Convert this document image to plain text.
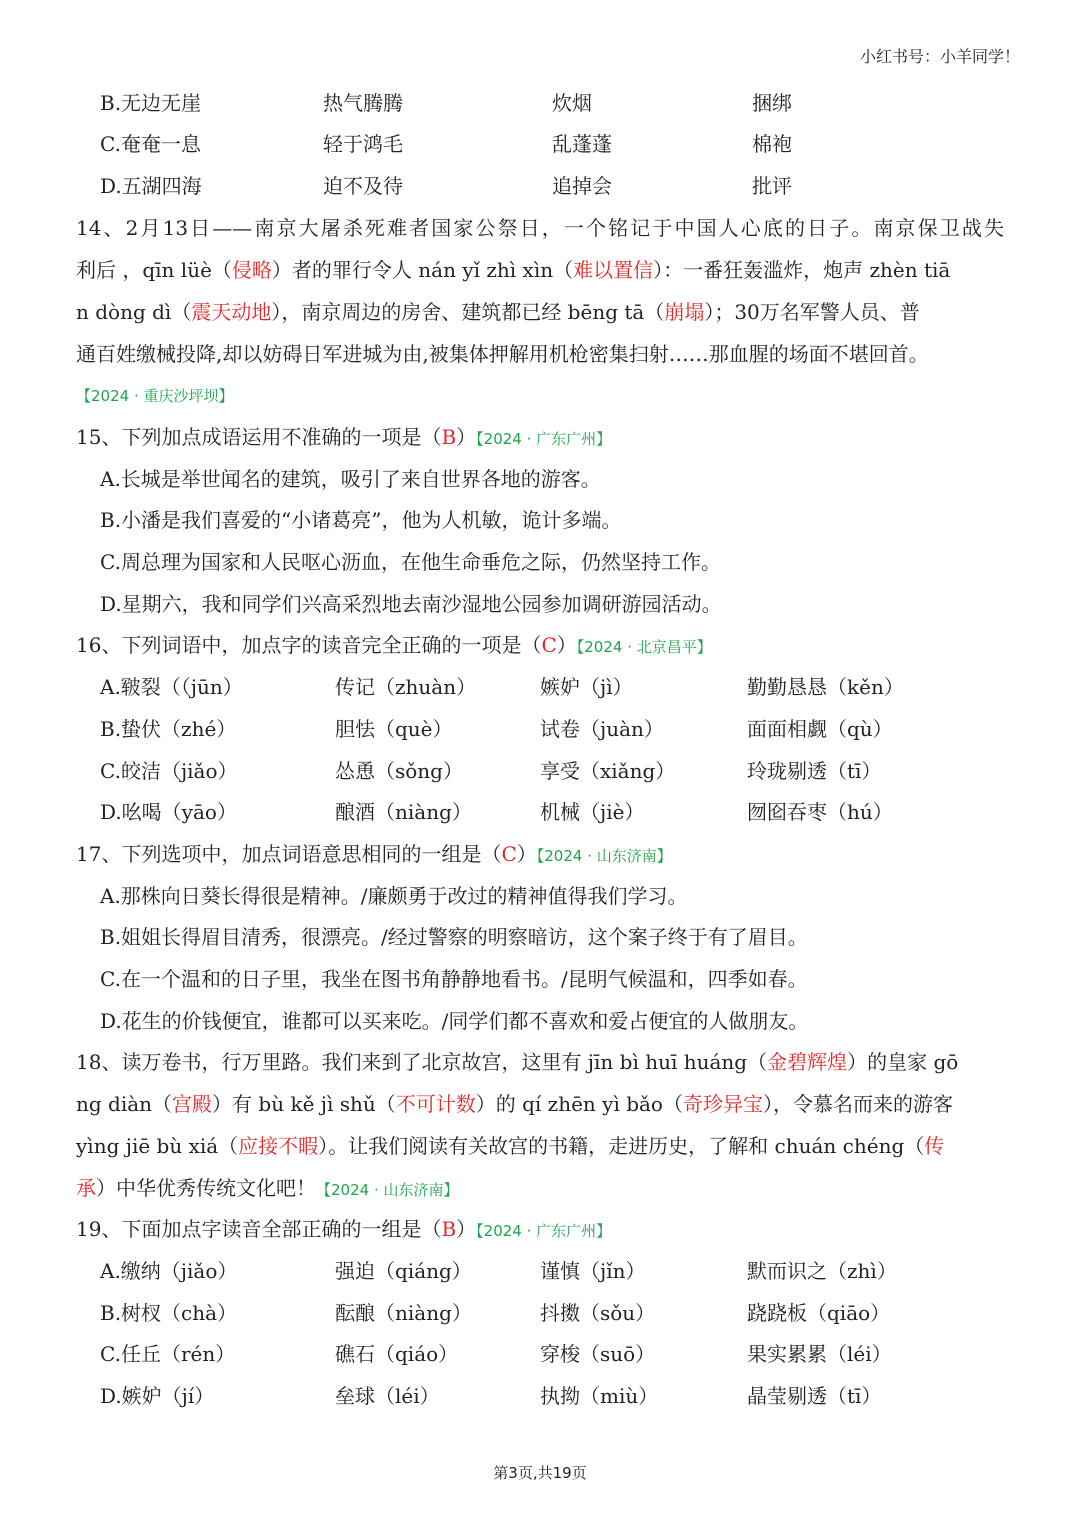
小红书号：小羊同学！
B.无边无崖	热气腾腾	炊烟	捆绑
C.奄奄一息	轻于鸿毛	乱蓬蓬	棉袍
D.五湖四海	迫不及待	追掉会	批评
14、2月13日——南京大屠杀死难者国家公祭日，一个铭记于中国人心底的日子。南京保卫战失
利后 ，qīn lüè（侵略）者的罪行令人 nán yǐ zhì xìn（难以置信）：一番狂轰滥炸，炮声 zhèn tiā
n dòng dì（震天动地），南京周边的房舍、建筑都已经 bēng tā（崩塌）；30万名军警人员、普
通百姓缴械投降,却以妨碍日军进城为由,被集体押解用机枪密集扫射……那血腥的场面不堪回首。
【2024 · 重庆沙坪坝】
15、下列加点成语运用不准确的一项是（B）【2024 · 广东广州】
A.长城是举世闻名的建筑，吸引了来自世界各地的游客。
B.小潘是我们喜爱的“小诸葛亮”，他为人机敏，诡计多端。
C.周总理为国家和人民呕心沥血，在他生命垂危之际，仍然坚持工作。
D.星期六，我和同学们兴高采烈地去南沙湿地公园参加调研游园活动。
16、下列词语中，加点字的读音完全正确的一项是（C）【2024 · 北京昌平】
A.皲裂（（jūn）	传记（zhuàn）	嫉妒（jì）	勤勤恳恳（kěn）
B.蛰伏（zhé）	胆怯（què）	试卷（juàn）	面面相觑（qù）
C.皎洁（jiǎo）	怂恿（sǒng）	享受（xiǎng）	玲珑剔透（tī）
D.吆喝（yāo）	酿酒（niàng）	机械（jiè）	囫囵吞枣（hú）
17、下列选项中，加点词语意思相同的一组是（C）【2024 · 山东济南】
A.那株向日葵长得很是精神。/廉颇勇于改过的精神值得我们学习。
B.姐姐长得眉目清秀，很漂亮。/经过警察的明察暗访，这个案子终于有了眉目。
C.在一个温和的日子里，我坐在图书角静静地看书。/昆明气候温和，四季如春。
D.花生的价钱便宜，谁都可以买来吃。/同学们都不喜欢和爱占便宜的人做朋友。
18、读万卷书，行万里路。我们来到了北京故宫，这里有 jīn bì huī huáng（金碧辉煌）的皇家 gō
ng diàn（宫殿）有 bù kě jì shǔ（不可计数）的 qí zhēn yì bǎo（奇珍异宝），令慕名而来的游客
yìng jiē bù xiá（应接不暇）。让我们阅读有关故宫的书籍，走进历史，了解和 chuán chéng（传
承）中华优秀传统文化吧！【2024 · 山东济南】
19、下面加点字读音全部正确的一组是（B）【2024 · 广东广州】
A.缴纳（jiǎo）	强迫（qiáng）	谨慎（jǐn）	默而识之（zhì）
B.树杈（chà）	酝酿（niàng）	抖擞（sǒu）	跷跷板（qiāo）
C.任丘（rén）	礁石（qiáo）	穿梭（suō）	果实累累（léi）
D.嫉妒（jí）	垒球（léi）	执拗（miù）	晶莹剔透（tī）
第3页,共19页
